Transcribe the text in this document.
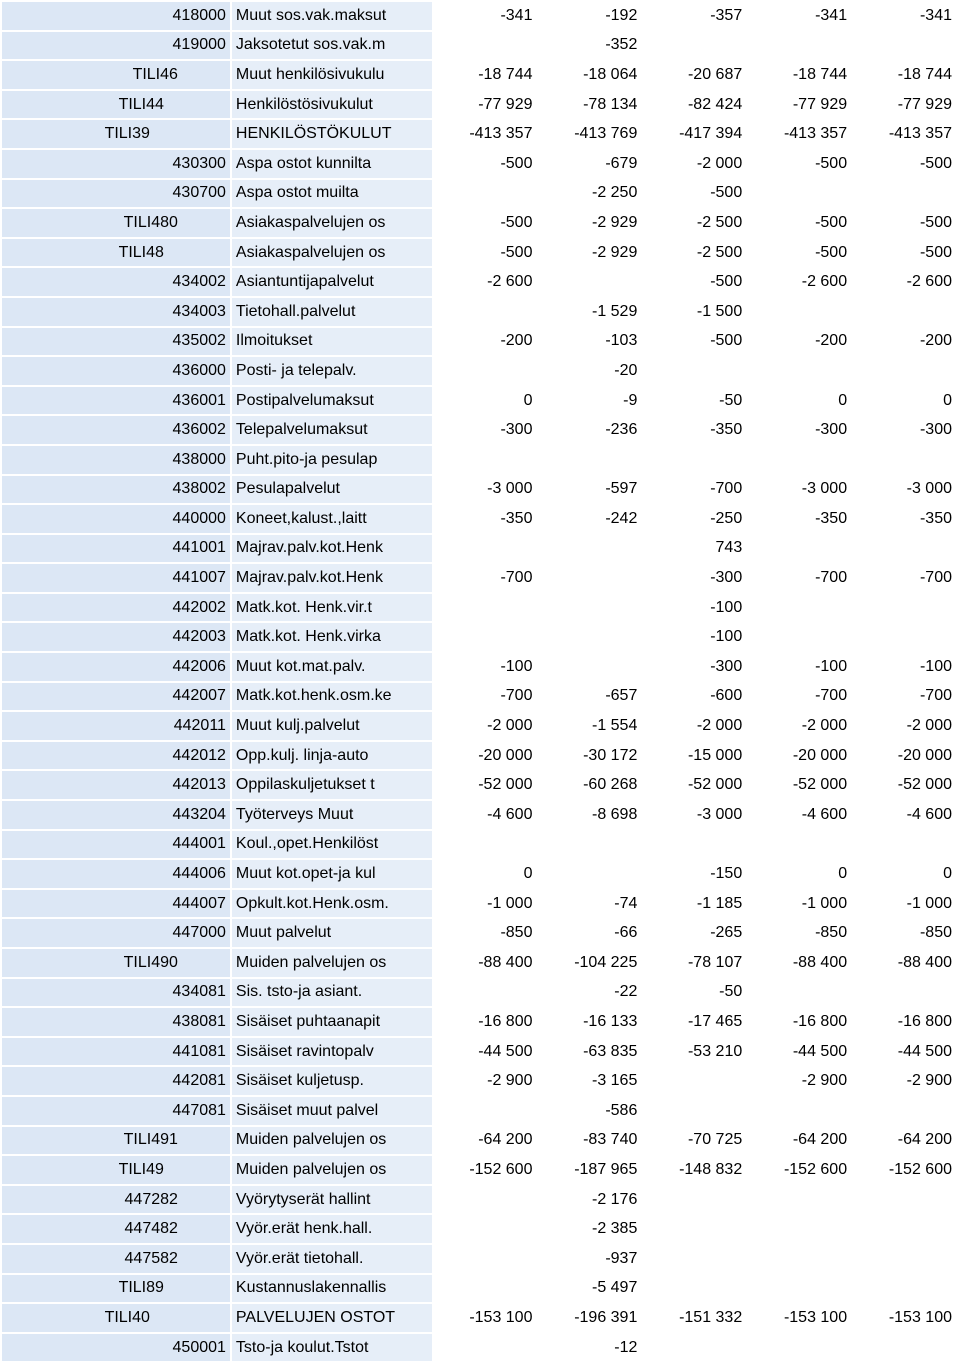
418000	Muut sos.vak.maksut	-341	-192	-357	-341	-341
419000	Jaksotetut sos.vak.m		-352			
TILI46	Muut henkilösivukulu	-18 744	-18 064	-20 687	-18 744	-18 744
TILI44	Henkilöstösivukulut	-77 929	-78 134	-82 424	-77 929	-77 929
TILI39	HENKILÖSTÖKULUT	-413 357	-413 769	-417 394	-413 357	-413 357
430300	Aspa ostot kunnilta	-500	-679	-2 000	-500	-500
430700	Aspa ostot muilta		-2 250	-500		
TILI480	Asiakaspalvelujen os	-500	-2 929	-2 500	-500	-500
TILI48	Asiakaspalvelujen os	-500	-2 929	-2 500	-500	-500
434002	Asiantuntijapalvelut	-2 600		-500	-2 600	-2 600
434003	Tietohall.palvelut		-1 529	-1 500		
435002	Ilmoitukset	-200	-103	-500	-200	-200
436000	Posti- ja telepalv.		-20			
436001	Postipalvelumaksut	0	-9	-50	0	0
436002	Telepalvelumaksut	-300	-236	-350	-300	-300
438000	Puht.pito-ja pesulap					
438002	Pesulapalvelut	-3 000	-597	-700	-3 000	-3 000
440000	Koneet,kalust.,laitt	-350	-242	-250	-350	-350
441001	Majrav.palv.kot.Henk			743		
441007	Majrav.palv.kot.Henk	-700		-300	-700	-700
442002	Matk.kot. Henk.vir.t			-100		
442003	Matk.kot. Henk.virka			-100		
442006	Muut kot.mat.palv.	-100		-300	-100	-100
442007	Matk.kot.henk.osm.ke	-700	-657	-600	-700	-700
442011	Muut kulj.palvelut	-2 000	-1 554	-2 000	-2 000	-2 000
442012	Opp.kulj. linja-auto	-20 000	-30 172	-15 000	-20 000	-20 000
442013	Oppilaskuljetukset t	-52 000	-60 268	-52 000	-52 000	-52 000
443204	Työterveys Muut	-4 600	-8 698	-3 000	-4 600	-4 600
444001	Koul.,opet.Henkilöst					
444006	Muut kot.opet-ja kul	0		-150	0	0
444007	Opkult.kot.Henk.osm.	-1 000	-74	-1 185	-1 000	-1 000
447000	Muut palvelut	-850	-66	-265	-850	-850
TILI490	Muiden palvelujen os	-88 400	-104 225	-78 107	-88 400	-88 400
434081	Sis. tsto-ja asiant.		-22	-50		
438081	Sisäiset puhtaanapit	-16 800	-16 133	-17 465	-16 800	-16 800
441081	Sisäiset ravintopalv	-44 500	-63 835	-53 210	-44 500	-44 500
442081	Sisäiset kuljetusp.	-2 900	-3 165		-2 900	-2 900
447081	Sisäiset muut palvel		-586			
TILI491	Muiden palvelujen os	-64 200	-83 740	-70 725	-64 200	-64 200
TILI49	Muiden palvelujen os	-152 600	-187 965	-148 832	-152 600	-152 600
447282	Vyörytyserät hallint		-2 176			
447482	Vyör.erät henk.hall.		-2 385			
447582	Vyör.erät tietohall.		-937			
TILI89	Kustannuslakennallis		-5 497			
TILI40	PALVELUJEN OSTOT	-153 100	-196 391	-151 332	-153 100	-153 100
450001	Tsto-ja koulut.Tstot		-12			
